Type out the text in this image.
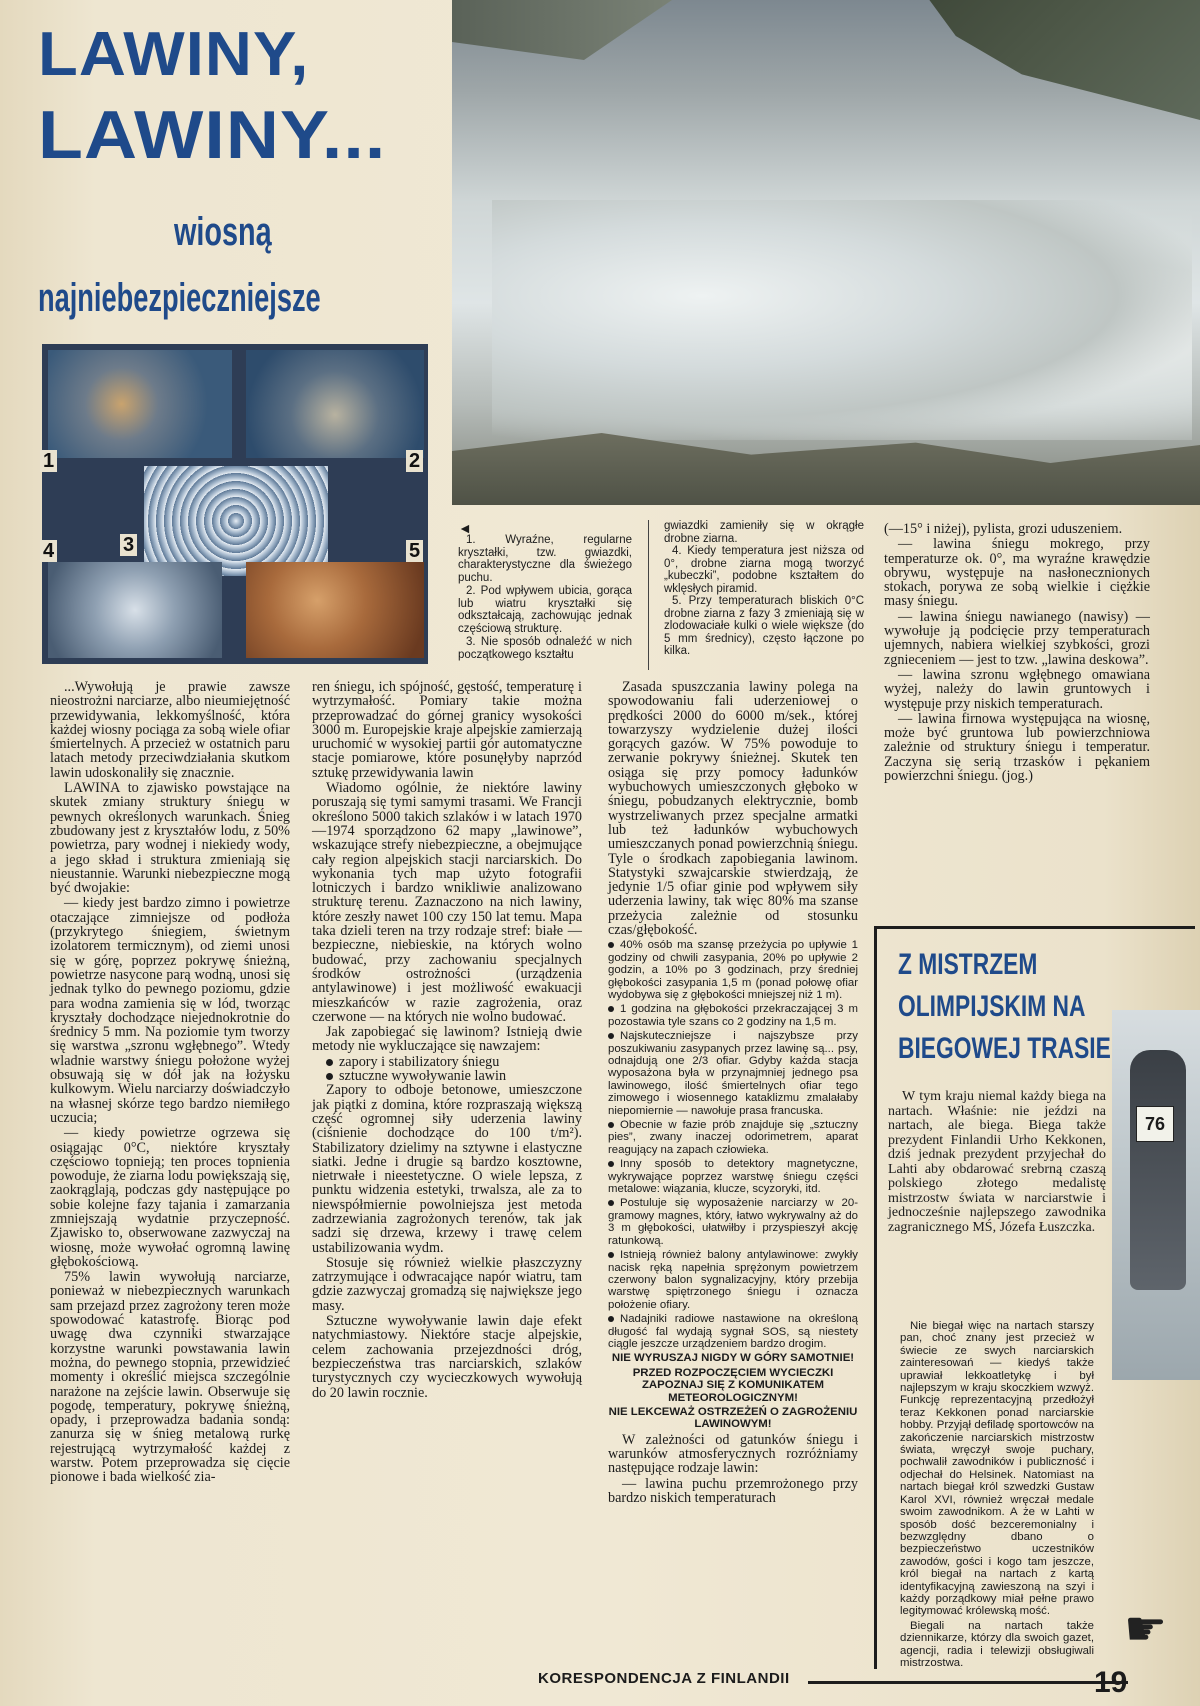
LAWINY,
LAWINY...
wiosną
najniebezpieczniejsze
1	2
3
4	5
◄
1. Wyraźne, regularne kryształki, tzw. gwiazdki, charakterystyczne dla świeżego puchu.
2. Pod wpływem ubicia, gorąca lub wiatru kryształki się odkształcają, zachowując jednak częściową strukturę.
3. Nie sposób odnaleźć w nich początkowego kształtu
gwiazdki zamieniły się w okrągłe drobne ziarna.
4. Kiedy temperatura jest niższa od 0°, drobne ziarna mogą tworzyć „kubeczki”, podobne kształtem do wklęsłych piramid.
5. Przy temperaturach bliskich 0°C drobne ziarna z fazy 3 zmieniają się w zlodowaciałe kulki o wiele większe (do 5 mm średnicy), często łączone po kilka.

...Wywołują je prawie zawsze nieostrożni narciarze, albo nieumiejętność przewidywania, lekkomyślność, która każdej wiosny pociąga za sobą wiele ofiar śmiertelnych. A przecież w ostatnich paru latach metody przeciwdziałania skutkom lawin udoskonaliły się znacznie.

LAWINA to zjawisko powstające na skutek zmiany struktury śniegu w pewnych określonych warunkach. Śnieg zbudowany jest z kryształów lodu, z 50% powietrza, pary wodnej i niekiedy wody, a jego skład i struktura zmieniają się nieustannie. Warunki niebezpieczne mogą być dwojakie:

— kiedy jest bardzo zimno i powietrze otaczające zimniejsze od podłoża (przykrytego śniegiem, świetnym izolatorem termicznym), od ziemi unosi się w górę, poprzez pokrywę śnieżną, powietrze nasycone parą wodną, unosi się jednak tylko do pewnego poziomu, gdzie para wodna zamienia się w lód, tworząc kryształy dochodzące niejednokrotnie do średnicy 5 mm. Na poziomie tym tworzy się warstwa „szronu wgłębnego”. Wtedy wladnie warstwy śniegu położone wyżej obsuwają się w dół jak na łożysku kulkowym. Wielu narciarzy doświadczyło na własnej skórze tego bardzo niemiłego uczucia;

— kiedy powietrze ogrzewa się osiągając 0°C, niektóre kryształy częściowo topnieją; ten proces topnienia powoduje, że ziarna lodu powiększają się, zaokrąglają, podczas gdy następujące po sobie kolejne fazy tajania i zamarzania zmniejszają wydatnie przyczepność. Zjawisko to, obserwowane zazwyczaj na wiosnę, może wywołać ogromną lawinę głębokościową.

75% lawin wywołują narciarze, ponieważ w niebezpiecznych warunkach sam przejazd przez zagrożony teren może spowodować katastrofę. Biorąc pod uwagę dwa czynniki stwarzające korzystne warunki powstawania lawin można, do pewnego stopnia, przewidzieć momenty i określić miejsca szczególnie narażone na zejście lawin. Obserwuje się pogodę, temperatury, pokrywę śnieżną, opady, i przeprowadza badania sondą: zanurza się w śnieg metalową rurkę rejestrującą wytrzymałość każdej z warstw. Potem przeprowadza się cięcie pionowe i bada wielkość zia-

ren śniegu, ich spójność, gęstość, temperaturę i wytrzymałość. Pomiary takie można przeprowadzać do górnej granicy wysokości 3000 m. Europejskie kraje alpejskie zamierzają uruchomić w wysokiej partii gór automatyczne stacje pomiarowe, które posunęłyby naprzód sztukę przewidywania lawin

Wiadomo ogólnie, że niektóre lawiny poruszają się tymi samymi trasami. We Francji określono 5000 takich szlaków i w latach 1970—1974 sporządzono 62 mapy „lawinowe”, wskazujące strefy niebezpieczne, a obejmujące cały region alpejskich stacji narciarskich. Do wykonania tych map użyto fotografii lotniczych i bardzo wnikliwie analizowano strukturę terenu. Zaznaczono na nich lawiny, które zeszły nawet 100 czy 150 lat temu. Mapa taka dzieli teren na trzy rodzaje stref: białe — bezpieczne, niebieskie, na których wolno budować, przy zachowaniu specjalnych środków ostrożności (urządzenia antylawinowe) i jest możliwość ewakuacji mieszkańców w razie zagrożenia, oraz czerwone — na których nie wolno budować.

Jak zapobiegać się lawinom? Istnieją dwie metody nie wykluczające się nawzajem:

zapory i stabilizatory śniegu

sztuczne wywoływanie lawin

Zapory to odboje betonowe, umieszczone jak piątki z domina, które rozpraszają większą część ogromnej siły uderzenia lawiny (ciśnienie dochodzące do 100 t/m²). Stabilizatory dzielimy na sztywne i elastyczne siatki. Jedne i drugie są bardzo kosztowne, nietrwałe i nieestetyczne. O wiele lepsza, z punktu widzenia estetyki, trwalsza, ale za to niewspółmiernie powolniejsza jest metoda zadrzewiania zagrożonych terenów, tak jak sadzi się drzewa, krzewy i trawę celem ustabilizowania wydm.

Stosuje się również wielkie płaszczyzny zatrzymujące i odwracające napór wiatru, tam gdzie zazwyczaj gromadzą się największe jego masy.

Sztuczne wywoływanie lawin daje efekt natychmiastowy. Niektóre stacje alpejskie, celem zachowania przejezdności dróg, bezpieczeństwa tras narciarskich, szlaków turystycznych czy wycieczkowych wywołują do 20 lawin rocznie.

Zasada spuszczania lawiny polega na spowodowaniu fali uderzeniowej o prędkości 2000 do 6000 m/sek., której towarzyszy wydzielenie dużej ilości gorących gazów. W 75% powoduje to zerwanie pokrywy śnieżnej. Skutek ten osiąga się przy pomocy ładunków wybuchowych umieszczonych głęboko w śniegu, pobudzanych elektrycznie, bomb wystrzeliwanych przez specjalne armatki lub też ładunków wybuchowych umieszczanych ponad powierzchnią śniegu. Tyle o środkach zapobiegania lawinom. Statystyki szwajcarskie stwierdzają, że jedynie 1/5 ofiar ginie pod wpływem siły uderzenia lawiny, tak więc 80% ma szanse przeżycia zależnie od stosunku czas/głębokość.

40% osób ma szansę przeżycia po upływie 1 godziny od chwili zasypania, 20% po upływie 2 godzin, a 10% po 3 godzinach, przy średniej głębokości zasypania 1,5 m (ponad połowę ofiar wydobywa się z głębokości mniejszej niż 1 m).

1 godzina na głębokości przekraczającej 3 m pozostawia tyle szans co 2 godziny na 1,5 m.

Najskuteczniejsze i najszybsze przy poszukiwaniu zasypanych przez lawinę są... psy, odnajdują one 2/3 ofiar. Gdyby każda stacja wyposażona była w przynajmniej jednego psa lawinowego, ilość śmiertelnych ofiar tego zimowego i wiosennego kataklizmu zmalałaby niepomiernie — nawołuje prasa francuska.

Obecnie w fazie prób znajduje się „sztuczny pies”, zwany inaczej odorimetrem, aparat reagujący na zapach człowieka.

Inny sposób to detektory magnetyczne, wykrywające poprzez warstwę śniegu części metalowe: wiązania, klucze, scyzoryki, itd.

Postuluje się wyposażenie narciarzy w 20-gramowy magnes, który, łatwo wykrywalny aż do 3 m głębokości, ułatwiłby i przyspieszył akcję ratunkową.

Istnieją również balony antylawinowe: zwykły nacisk ręką napełnia sprężonym powietrzem czerwony balon sygnalizacyjny, który przebija warstwę spiętrzonego śniegu i oznacza położenie ofiary.

Nadajniki radiowe nastawione na określoną długość fal wydają sygnał SOS, są niestety ciągle jeszcze urządzeniem bardzo drogim.

NIE WYRUSZAJ NIGDY W GÓRY SAMOTNIE!

PRZED ROZPOCZĘCIEM WYCIECZKI ZAPOZNAJ SIĘ Z KOMUNIKATEM METEOROLOGICZNYM!

NIE LEKCEWAŻ OSTRZEŻEŃ O ZAGROŻENIU LAWINOWYM!

W zależności od gatunków śniegu i warunków atmosferycznych rozróżniamy następujące rodzaje lawin:

— lawina puchu przemrożonego przy bardzo niskich temperaturach

(—15° i niżej), pylista, grozi uduszeniem.

— lawina śniegu mokrego, przy temperaturze ok. 0°, ma wyraźne krawędzie obrywu, występuje na nasłonecznionych stokach, porywa ze sobą wielkie i ciężkie masy śniegu.

— lawina śniegu nawianego (nawisy) — wywołuje ją podcięcie przy temperaturach ujemnych, nabiera wielkiej szybkości, grozi zgnieceniem — jest to tzw. „lawina deskowa”.

— lawina szronu wgłębnego omawiana wyżej, należy do lawin gruntowych i występuje przy niskich temperaturach.

— lawina firnowa występująca na wiosnę, może być gruntowa lub powierzchniowa zależnie od struktury śniegu i temperatur. Zaczyna się serią trzasków i pękaniem powierzchni śniegu. (jog.)

Z MISTRZEM
OLIMPIJSKIM NA
BIEGOWEJ TRASIE
76

W tym kraju niemal każdy biega na nartach. Właśnie: nie jeździ na nartach, ale biega. Biega także prezydent Finlandii Urho Kekkonen, dziś jednak prezydent przyjechał do Lahti aby obdarować srebrną czaszą polskiego złotego medalistę mistrzostw świata w narciarstwie i jednocześnie najlepszego zawodnika zagranicznego MŚ, Józefa Łuszczka.

Nie biegał więc na nartach starszy pan, choć znany jest przecież w świecie ze swych narciarskich zainteresowań — kiedyś także uprawiał lekkoatletykę i był najlepszym w kraju skoczkiem wzwyż. Funkcję reprezentacyjną przedłożył teraz Kekkonen ponad narciarskie hobby. Przyjął defiladę sportowców na zakończenie narciarskich mistrzostw świata, wręczył swoje puchary, pochwalił zawodników i publiczność i odjechał do Helsinek. Natomiast na nartach biegał król szwedzki Gustaw Karol XVI, również wręczał medale swoim zawodnikom. A że w Lahti w sposób dość bezceremonialny i bezwzględny dbano o bezpieczeństwo uczestników zawodów, gości i kogo tam jeszcze, król biegał na nartach z kartą identyfikacyjną zawieszoną na szyi i każdy porządkowy miał pełne prawo legitymować królewską mość.

Biegali na nartach także dziennikarze, którzy dla swoich gazet, agencji, radia i telewizji obsługiwali mistrzostwa.

KORESPONDENCJA Z FINLANDII
☛
19
